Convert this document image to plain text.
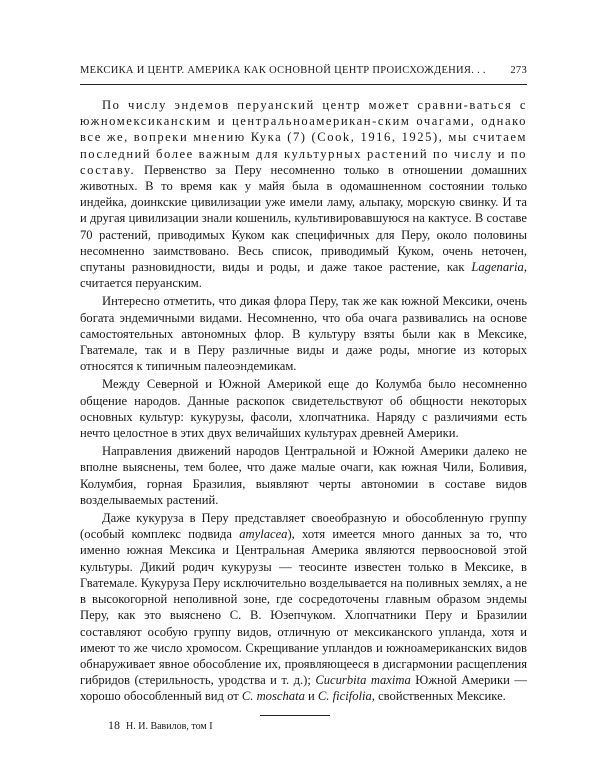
МЕКСИКА И ЦЕНТР. АМЕРИКА КАК ОСНОВНОЙ ЦЕНТР ПРОИСХОЖДЕНИЯ. . . 273

По числу эндемов перуанский центр может сравни-ваться с южномексиканским и центральноамерикан-ским очагами, однако все же, вопреки мнению Кука (7) (Cook, 1916, 1925), мы считаем последний более важным для культурных растений по числу и по составу. Первенство за Перу несомненно только в отношении домашних животных. В то время как у майя была в одомашненном состоянии только индейка, доинкские цивилизации уже имели ламу, альпаку, морскую свинку. И та и другая цивилизации знали кошениль, культивировавшуюся на кактусе. В составе 70 растений, приводимых Куком как специфичных для Перу, около половины несомненно заимствовано. Весь список, приводимый Куком, очень неточен, спутаны разновидности, виды и роды, и даже такое растение, как Lagenaria, считается перуанским.

Интересно отметить, что дикая флора Перу, так же как южной Мексики, очень богата эндемичными видами. Несомненно, что оба очага развивались на основе самостоятельных автономных флор. В культуру взяты были как в Мексике, Гватемале, так и в Перу различные виды и даже роды, многие из которых относятся к типичным палеоэндемикам.

Между Северной и Южной Америкой еще до Колумба было несомненно общение народов. Данные раскопок свидетельствуют об общности некоторых основных культур: кукурузы, фасоли, хлопчатника. Наряду с различиями есть нечто целостное в этих двух величайших культурах древней Америки.

Направления движений народов Центральной и Южной Америки далеко не вполне выяснены, тем более, что даже малые очаги, как южная Чили, Боливия, Колумбия, горная Бразилия, выявляют черты автономии в составе видов возделываемых растений.

Даже кукуруза в Перу представляет своеобразную и обособленную группу (особый комплекс подвида amylacea), хотя имеется много данных за то, что именно южная Мексика и Центральная Америка являются первоосновой этой культуры. Дикий родич кукурузы — теосинте известен только в Мексике, в Гватемале. Кукуруза Перу исключительно возделывается на поливных землях, а не в высокогорной неполивной зоне, где сосредоточены главным образом эндемы Перу, как это выяснено С. В. Юзепчуком. Хлопчатники Перу и Бразилии составляют особую группу видов, отличную от мексиканского упланда, хотя и имеют то же число хромосом. Скрещивание упландов и южноамериканских видов обнаруживает явное обособление их, проявляющееся в дисгармонии расщепления гибридов (стерильность, уродства и т. д.); Cucurbita maxima Южной Америки — хорошо обособленный вид от C. moschata и C. ficifolia, свойственных Мексике.

18 Н. И. Вавилов, том I
